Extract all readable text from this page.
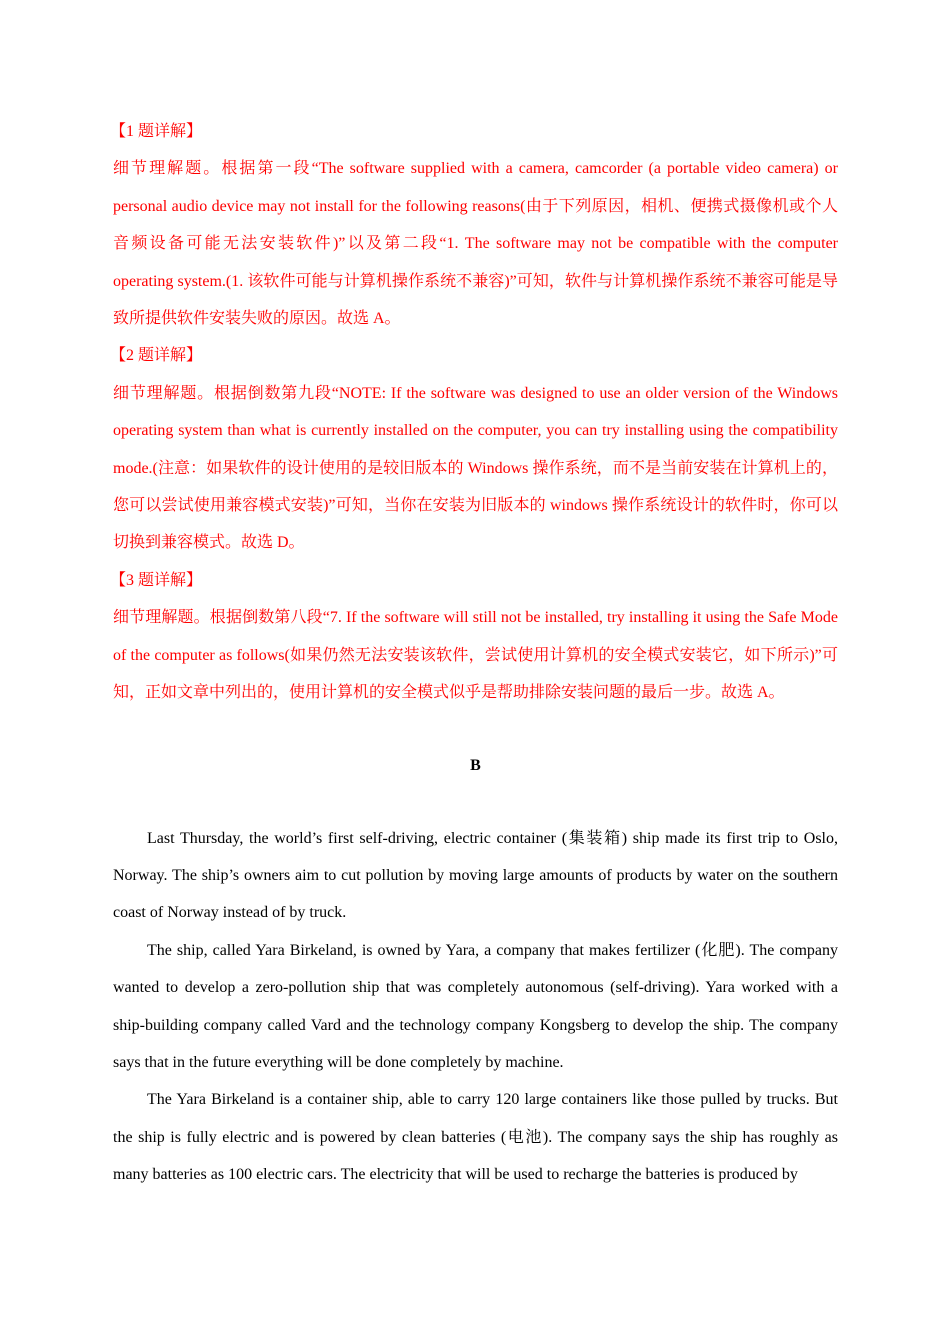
【1 题详解】

细节理解题。根据第一段“The software supplied with a camera, camcorder (a portable video camera) or personal audio device may not install for the following reasons(由于下列原因，相机、便携式摄像机或个人音频设备可能无法安装软件)”以及第二段“1. The software may not be compatible with the computer operating system.(1. 该软件可能与计算机操作系统不兼容)”可知，软件与计算机操作系统不兼容可能是导致所提供软件安装失败的原因。故选 A。

【2 题详解】

细节理解题。根据倒数第九段“NOTE: If the software was designed to use an older version of the Windows operating system than what is currently installed on the computer, you can try installing using the compatibility mode.(注意：如果软件的设计使用的是较旧版本的 Windows 操作系统，而不是当前安装在计算机上的，您可以尝试使用兼容模式安装)”可知，当你在安装为旧版本的 windows 操作系统设计的软件时，你可以切换到兼容模式。故选 D。

【3 题详解】

细节理解题。根据倒数第八段“7. If the software will still not be installed, try installing it using the Safe Mode of the computer as follows(如果仍然无法安装该软件，尝试使用计算机的安全模式安装它，如下所示)”可知，正如文章中列出的，使用计算机的安全模式似乎是帮助排除安装问题的最后一步。故选 A。

B

Last Thursday, the world’s first self-driving, electric container (集装箱) ship made its first trip to Oslo, Norway. The ship’s owners aim to cut pollution by moving large amounts of products by water on the southern coast of Norway instead of by truck.

The ship, called Yara Birkeland, is owned by Yara, a company that makes fertilizer (化肥). The company wanted to develop a zero-pollution ship that was completely autonomous (self-driving). Yara worked with a ship-building company called Vard and the technology company Kongsberg to develop the ship. The company says that in the future everything will be done completely by machine.

The Yara Birkeland is a container ship, able to carry 120 large containers like those pulled by trucks. But the ship is fully electric and is powered by clean batteries (电池). The company says the ship has roughly as many batteries as 100 electric cars. The electricity that will be used to recharge the batteries is produced by
